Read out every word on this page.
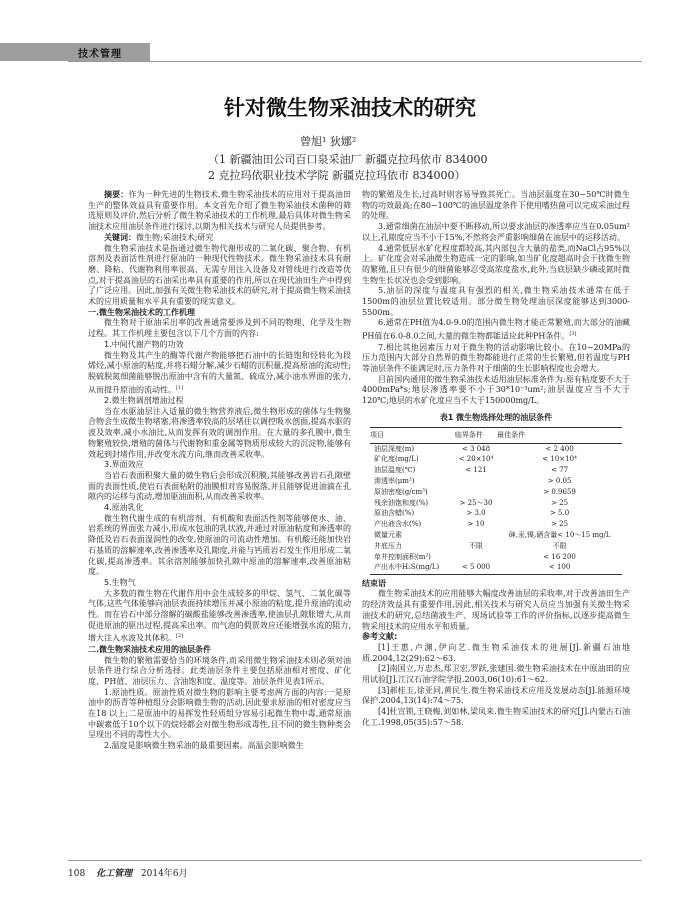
技术管理
针对微生物采油技术的研究
曾旭¹ 狄娜²
（1 新疆油田公司百口泉采油厂 新疆克拉玛依市 834000
2 克拉玛依职业技术学院 新疆克拉玛依市 834000）

摘要：作为一种先进的生物技术,微生物采油技术的应用对于提高油田生产的整体效益具有重要作用。本文首先介绍了微生物采油技术菌种的筛选原则及评价,然后分析了微生物采油技术的工作机理,最后具体对微生物采油技术应用油层条件进行探讨,以期为相关技术与研究人员提供参考。

关键词：微生物;采油技术;研究

微生物采油技术是指通过微生物代谢形成的二氧化碳、聚合物、有机溶剂及表面活性剂进行驱油的一种现代性物技术。微生物采油技术具有耐磨、降粘、代谢物利用率很高、无需专用注入设备及对管线进行改造等优点,对于提高油层的石油采出率具有重要的作用,所以在现代油田生产中得到了广泛应用。因此,加强有关微生物采油技术的研究,对于提高微生物采油技术的应用质量和水平具有重要的现实意义。

一.微生物采油技术的工作机理

微生物对于原油采出率的改善通常要涉及到不同的物理、化学及生物过程。其工作机理主要包含以下几个方面的内容:

1.中间代谢产物的功效

微生物及其产生的酶等代谢产物能够把石油中的长链饱和烃转化为段烯烃,减小原油的粘度,并将石蜡分解,减少石蜡的沉积量,提高原油的流动性;脱硫脱氮细菌能够脱出原油中含有的大量氮、硫成分,减小油水界面的张力,从而提升原油的流动性。[1]

2.微生物调剖增油过程

当在水驱油层注入适量的微生物营养液后,微生物形成的菌体与生物聚合物会生成微生物堵塞,将渗透率较高的层堵住以调控吸水剖面,提高水驱的波及效率,减小水油比,从而发挥有效的调剖作用。在大量的多孔膜中,微生物繁殖较快,增殖的菌体与代谢物和重金属等物质形成较大的沉淀物,能够有效起到封堵作用,并改变水流方向,继而改善采收率。

3.界面效应

当岩石表面积聚大量的微生物后会形成沉积膜,其能够改善岩石孔隙壁面的表面性质,使岩石表面粘附的油膜相对容易脱落,并且能够促进油滴在孔隙内的运移与流动,增加驱油面积,从而改善采收率。

4.原油乳化

微生物代谢生成的有机溶剂、有机酸和表面活性剂等能够使水、油、岩系统的界面张力减小,形成水包油的乳状液,并通过对原油粘度和渗透率的降低及岩石表面湿润性的改变,使原油的可流动性增加。有机酸还能加快岩石基质的溶解速率,改善渗透率及孔隙度,并能与钙质岩石发生作用形成二氧化碳,提高渗透率。其余溶剂能够加快孔隙中原油的溶解速率,改善原油粘度。

5.生物气

大多数的微生物在代谢作用中会生成较多的甲烷、氢气、二氧化碳等气体,这些气体能够向油层表面持续增压并减小原油的粘度,提升原油的流动性。而在岩石中部分溶解的碳酸盐能够改善渗透率,使油层孔隙胀增大,从而促进原油的驱出过程,提高采出率。而气泡的假贾效应还能增强水流的阻力,增大注入水波及其体积。[2]

二.微生物采油技术应用的油层条件

微生物的繁殖需要恰当的环境条件,而采用微生物采油技术则必须对油层条件进行综合分析选择。此类油层条件主要包括原油相对密度、矿化度、PH值、油层压力、含油饱和度、温度等。油层条件见表1所示。

1.原油性质。原油性质对微生物的影响主要考虑两方面的内容:一是原油中的沥青等种植组分会影响微生物的活动,因此要求原油的相对密度应当在18 以上;二是原油中的易挥发性轻质组分容易引起微生物中毒,通常原油中碳素低于10个以下的烷烃都会对微生物形成毒性,且不同的微生物种类会呈现出不同的毒性大小。

2.温度是影响微生物采油的最重要因素。高温会影响微生

物的繁殖及生长,过高时则容易导致其死亡。当油层温度在30~50℃时微生物的功效最高;在80~100℃的油层温度条件下使用嗜热菌可以完成采油过程的处理。

3.通常细菌在油层中要不断移动,所以要求油层的渗透率应当在0.05um²以上,孔隙度应当不小于15%,不然将会严重影响细菌在油层中的运移活动。

4.通常低层水矿化程度都较高,其内部包含大量的盐类,而NaCl占95%以上。矿化度会对采油微生物造成一定的影响,如当矿化度超高时会干扰微生物的繁殖,且只有很少的细菌能够忍受高浓度盐水,此外,当底层缺少磷或氮时微生物生长状况也会受到影响。

5.油层的深度与温度具有强烈的相关,微生物采油技术通常在低于1500m的油层位置比较适用。部分微生物处理油层深度能够达到3000-5500m。

6.通常在PH值为4.0-9.0的范围内微生物才能正常繁殖,而大部分的油藏PH值在6.0-8.0之间,大量的微生物都能适应此种PH条件。[3]

7.相比其他因素压力对于微生物的活动影响比较小。在10~20MPa的压力范围内大部分自然界的微生物都能进行正常的生长繁殖,但若温度与PH等油层条件不能满足时,压力条件对于细菌的生长影响程度也会增大。

目前国内通用的微生物采油技术适用油层标准条件为:原有粘度要不大于4000mPa*s;地层渗透率要不小于30*10⁻³um²;油层温度应当不大于120℃;地层的水矿化度应当不大于150000mg/L。

表1 微生物选择处理的油层条件
项目	临界条件	最佳条件
油层深度(m)	< 3 048	< 2 400
矿化度(mg/L)	< 20×10⁴	< 10×10⁴
油层温度(℃)	< 121	< 77
渗透率(μm²)		> 0.05
原油密度(g/cm³)		> 0.9659
残余油饱和度(%)	> 25～30	> 25
原油含蜡(%)	> 3.0	> 5.0
产出液含水(%)	> 10	> 25
微量元素		砷,汞,镍,硒含量< 10～15 mg/L
井底压力	不限	不限
单井控制面积(m²)		< 16 200
产出水中H₂S(mg/L)	< 5 000	< 100

结束语

微生物采油技术的应用能够大幅度改善油层的采收率,对于改善油田生产的经济效益具有重要作用,因此,相关技术与研究人员应当加强有关微生物采油技术的研究,总结菌液生产、现场试验等工作的评价指标,以逐步提高微生物采用技术的应用水平和质量。

参考文献:

[1]王惠,卢渊,伊向艺.微生物采油技术的进展[J].新疆石油地质.2004,12(29):62～63.

[2]南国立,万忠杰,郑卫宏,罗跃,张建国.微生物采油技术在中原油田的应用试验[J].江汉石油学院学报.2003,06(10):61～62.

[3]郝桂玉,徐亚同,黄民生.微生物采油技术应用及发展动态[J].能源环境保护.2004,13(14):74～75.

[4]杜宣锁,王晓梅,刘如林,梁凤来.微生物采油技术的研究[J].内蒙古石油化工.1998,05(35):57～58.

108 化工管理 2014年6月
